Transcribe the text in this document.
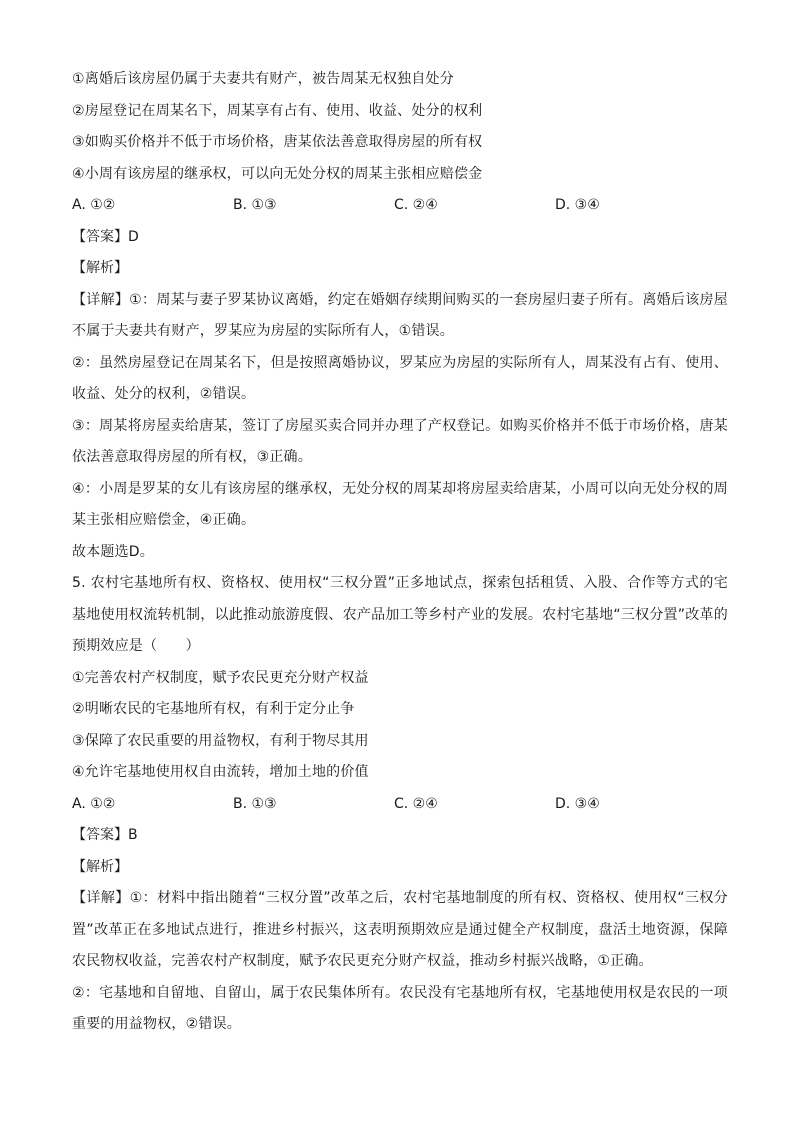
①离婚后该房屋仍属于夫妻共有财产，被告周某无权独自处分
②房屋登记在周某名下，周某享有占有、使用、收益、处分的权利
③如购买价格并不低于市场价格，唐某依法善意取得房屋的所有权
④小周有该房屋的继承权，可以向无处分权的周某主张相应赔偿金
A. ①②	B. ①③	C. ②④	D. ③④
【答案】D
【解析】
【详解】①：周某与妻子罗某协议离婚，约定在婚姻存续期间购买的一套房屋归妻子所有。离婚后该房屋不属于夫妻共有财产，罗某应为房屋的实际所有人，①错误。
②：虽然房屋登记在周某名下，但是按照离婚协议，罗某应为房屋的实际所有人，周某没有占有、使用、收益、处分的权利，②错误。
③：周某将房屋卖给唐某，签订了房屋买卖合同并办理了产权登记。如购买价格并不低于市场价格，唐某依法善意取得房屋的所有权，③正确。
④：小周是罗某的女儿有该房屋的继承权，无处分权的周某却将房屋卖给唐某，小周可以向无处分权的周某主张相应赔偿金，④正确。
故本题选D。
5. 农村宅基地所有权、资格权、使用权“三权分置”正多地试点，探索包括租赁、入股、合作等方式的宅基地使用权流转机制，以此推动旅游度假、农产品加工等乡村产业的发展。农村宅基地“三权分置”改革的预期效应是（　　）
①完善农村产权制度，赋予农民更充分财产权益
②明晰农民的宅基地所有权，有利于定分止争
③保障了农民重要的用益物权，有利于物尽其用
④允许宅基地使用权自由流转，增加土地的价值
A. ①②	B. ①③	C. ②④	D. ③④
【答案】B
【解析】
【详解】①：材料中指出随着“三权分置”改革之后，农村宅基地制度的所有权、资格权、使用权“三权分置”改革正在多地试点进行，推进乡村振兴，这表明预期效应是通过健全产权制度，盘活土地资源，保障农民物权收益，完善农村产权制度，赋予农民更充分财产权益，推动乡村振兴战略，①正确。
②：宅基地和自留地、自留山，属于农民集体所有。农民没有宅基地所有权，宅基地使用权是农民的一项重要的用益物权，②错误。
